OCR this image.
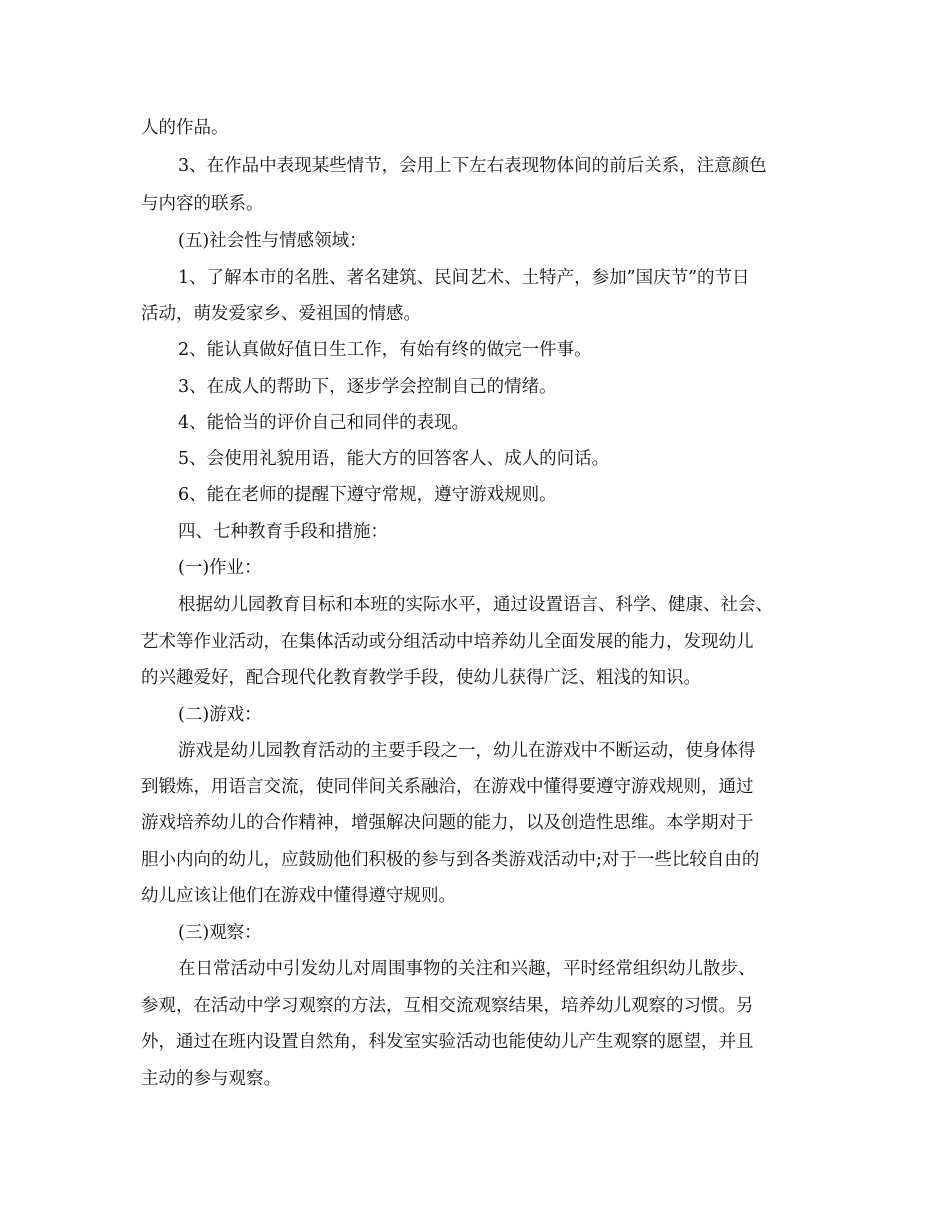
人的作品。
3、在作品中表现某些情节，会用上下左右表现物体间的前后关系，注意颜色
与内容的联系。
(五)社会性与情感领域：
1、了解本市的名胜、著名建筑、民间艺术、土特产，参加”国庆节”的节日
活动，萌发爱家乡、爱祖国的情感。
2、能认真做好值日生工作，有始有终的做完一件事。
3、在成人的帮助下，逐步学会控制自己的情绪。
4、能恰当的评价自己和同伴的表现。
5、会使用礼貌用语，能大方的回答客人、成人的问话。
6、能在老师的提醒下遵守常规，遵守游戏规则。
四、七种教育手段和措施：
(一)作业：
根据幼儿园教育目标和本班的实际水平，通过设置语言、科学、健康、社会、
艺术等作业活动，在集体活动或分组活动中培养幼儿全面发展的能力，发现幼儿
的兴趣爱好，配合现代化教育教学手段，使幼儿获得广泛、粗浅的知识。
(二)游戏：
游戏是幼儿园教育活动的主要手段之一，幼儿在游戏中不断运动，使身体得
到锻炼，用语言交流，使同伴间关系融洽，在游戏中懂得要遵守游戏规则，通过
游戏培养幼儿的合作精神，增强解决问题的能力，以及创造性思维。本学期对于
胆小内向的幼儿，应鼓励他们积极的参与到各类游戏活动中;对于一些比较自由的
幼儿应该让他们在游戏中懂得遵守规则。
(三)观察：
在日常活动中引发幼儿对周围事物的关注和兴趣，平时经常组织幼儿散步、
参观，在活动中学习观察的方法，互相交流观察结果，培养幼儿观察的习惯。另
外，通过在班内设置自然角，科发室实验活动也能使幼儿产生观察的愿望，并且
主动的参与观察。
